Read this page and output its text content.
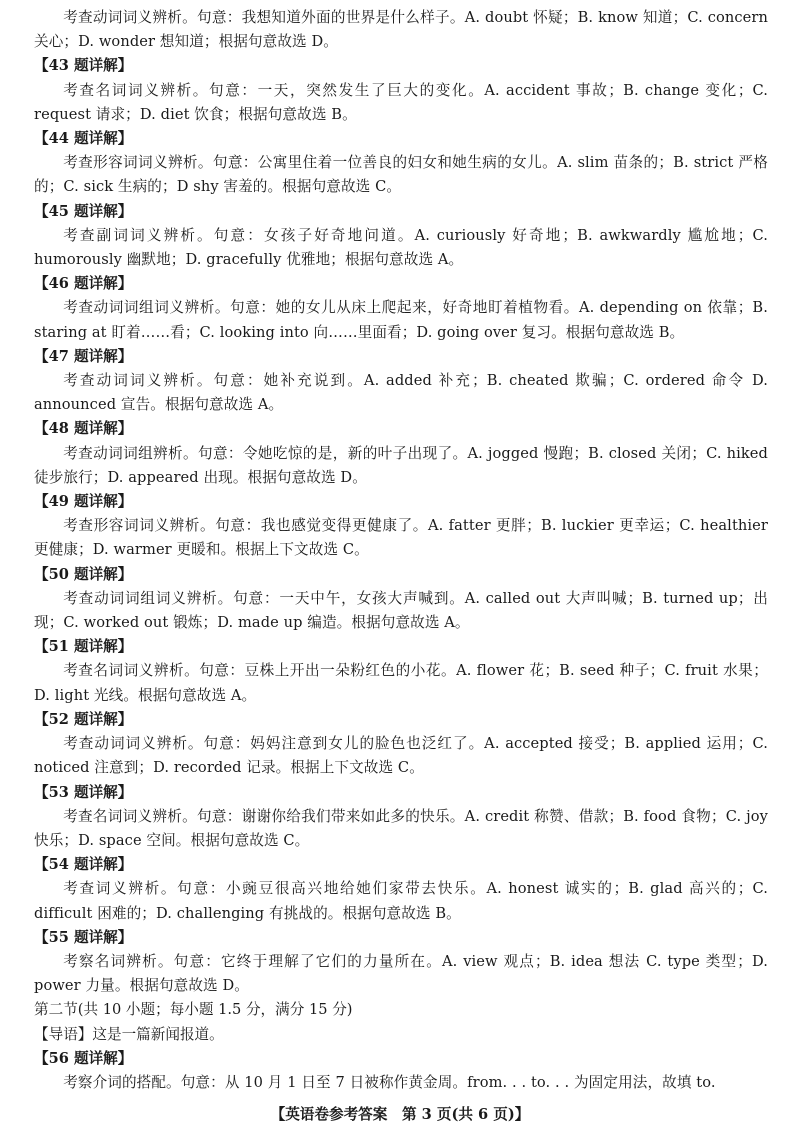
考查动词词义辨析。句意：我想知道外面的世界是什么样子。A. doubt 怀疑；B. know 知道；C. concern 关心；D. wonder 想知道；根据句意故选 D。

【43 题详解】

考查名词词义辨析。句意：一天，突然发生了巨大的变化。A. accident 事故；B. change 变化；C. request 请求；D. diet 饮食；根据句意故选 B。

【44 题详解】

考查形容词词义辨析。句意：公寓里住着一位善良的妇女和她生病的女儿。A. slim 苗条的；B. strict 严格的；C. sick 生病的；D shy 害羞的。根据句意故选 C。

【45 题详解】

考查副词词义辨析。句意：女孩子好奇地问道。A. curiously 好奇地；B. awkwardly 尴尬地；C. humorously 幽默地；D. gracefully 优雅地；根据句意故选 A。

【46 题详解】

考查动词词组词义辨析。句意：她的女儿从床上爬起来，好奇地盯着植物看。A. depending on 依靠；B. staring at 盯着……看；C. looking into 向……里面看；D. going over 复习。根据句意故选 B。

【47 题详解】

考查动词词义辨析。句意：她补充说到。A. added 补充；B. cheated 欺骗；C. ordered 命令 D. announced 宣告。根据句意故选 A。

【48 题详解】

考查动词词组辨析。句意：令她吃惊的是，新的叶子出现了。A. jogged 慢跑；B. closed 关闭；C. hiked 徒步旅行；D. appeared 出现。根据句意故选 D。

【49 题详解】

考查形容词词义辨析。句意：我也感觉变得更健康了。A. fatter 更胖；B. luckier 更幸运；C. healthier 更健康；D. warmer 更暖和。根据上下文故选 C。

【50 题详解】

考查动词词组词义辨析。句意：一天中午，女孩大声喊到。A. called out 大声叫喊；B. turned up；出现；C. worked out 锻炼；D. made up 编造。根据句意故选 A。

【51 题详解】

考查名词词义辨析。句意：豆株上开出一朵粉红色的小花。A. flower 花；B. seed 种子；C. fruit 水果；D. light 光线。根据句意故选 A。

【52 题详解】

考查动词词义辨析。句意：妈妈注意到女儿的脸色也泛红了。A. accepted 接受；B. applied 运用；C. noticed 注意到；D. recorded 记录。根据上下文故选 C。

【53 题详解】

考查名词词义辨析。句意：谢谢你给我们带来如此多的快乐。A. credit 称赞、借款；B. food 食物；C. joy 快乐；D. space 空间。根据句意故选 C。

【54 题详解】

考查词义辨析。句意：小豌豆很高兴地给她们家带去快乐。A. honest 诚实的；B. glad 高兴的；C. difficult 困难的；D. challenging 有挑战的。根据句意故选 B。

【55 题详解】

考察名词辨析。句意：它终于理解了它们的力量所在。A. view 观点；B. idea 想法 C. type 类型；D. power 力量。根据句意故选 D。

第二节(共 10 小题；每小题 1.5 分，满分 15 分)

【导语】这是一篇新闻报道。

【56 题详解】

考察介词的搭配。句意：从 10 月 1 日至 7 日被称作黄金周。from. . . to. . . 为固定用法，故填 to.

【英语卷参考答案　第 3 页(共 6 页)】
